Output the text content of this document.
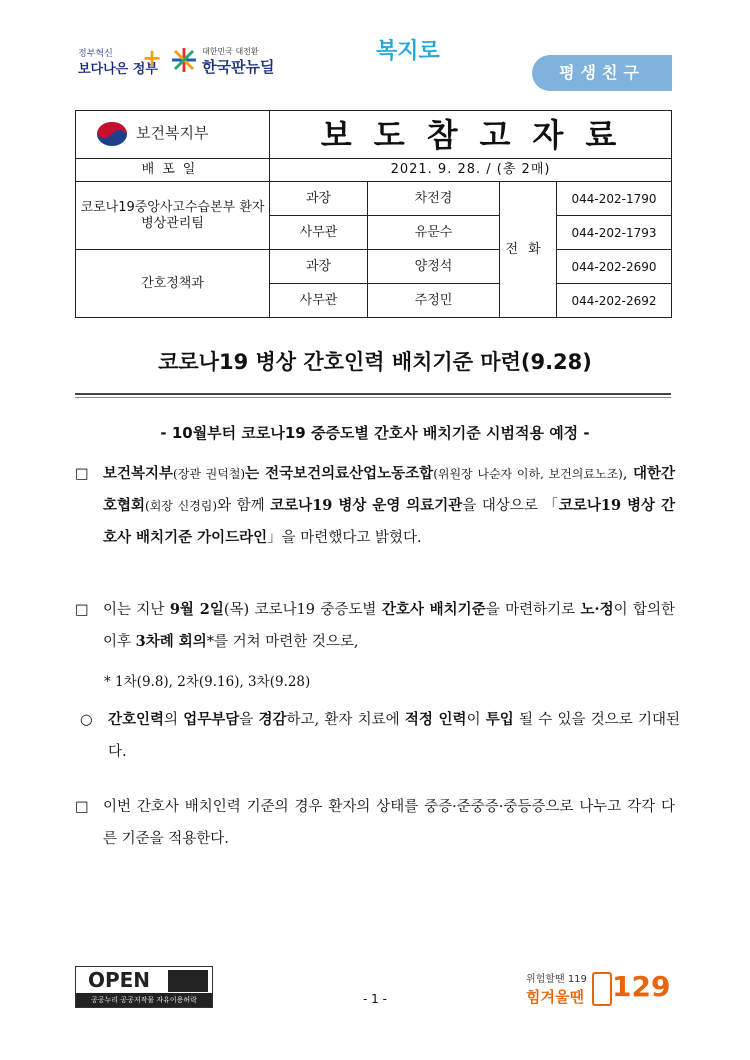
정부혁신
보다나은 정부
+	대한민국 대전환
한국판뉴딜
복지로
평생친구
보건복지부	보도참고자료			
배포일	2021. 9. 28. / (총 2매)			
코로나19중앙사고수습본부 환자병상관리팀	과장	차전경	전화	044-202-1790
	사무관	유문수		044-202-1793
간호정책과	과장	양정석		044-202-2690
	사무관	주정민		044-202-2692
코로나19 병상 간호인력 배치기준 마련(9.28)
- 10월부터 코로나19 중증도별 간호사 배치기준 시범적용 예정 -
□ 보건복지부(장관 권덕철)는 전국보건의료산업노동조합(위원장 나순자 이하, 보건의료노조), 대한간호협회(회장 신경림)와 함께 코로나19 병상 운영 의료기관을 대상으로 「코로나19 병상 간호사 배치기준 가이드라인」을 마련했다고 밝혔다.
□ 이는 지난 9월 2일(목) 코로나19 중증도별 간호사 배치기준을 마련하기로 노·정이 합의한 이후 3차례 회의*를 거쳐 마련한 것으로,
* 1차(9.8), 2차(9.16), 3차(9.28)
○ 간호인력의 업무부담을 경감하고, 환자 치료에 적정 인력이 투입 될 수 있을 것으로 기대된다.
□ 이번 간호사 배치인력 기준의 경우 환자의 상태를 중증·준중증·중등증으로 나누고 각각 다른 기준을 적용한다.
OPEN
공공누리 공공저작물 자유이용허락	- 1 -
위험할땐 119
힘겨울땐 129
